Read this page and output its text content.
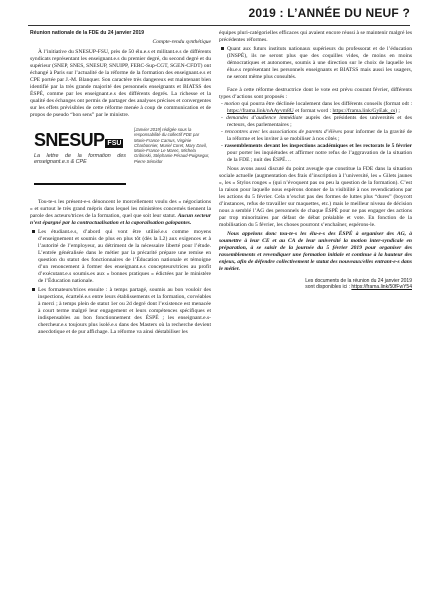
2019 : L’ANNÉE DU NEUF ?

Réunion nationale de la FDE du 24 janvier 2019

Compte-rendu synthétique

À l’initiative du SNESUP-FSU, près de 50 élu.e.s et militant.e.s de différents syndicats représentant les enseignant.e.s du premier degré, du second degré et du supérieur (SNEP, SNES, SNESUP, SNUIPP, FERC-Sup-CGT, SGEN-CFDT) ont échangé à Paris sur l’actualité de la réforme de la formation des enseignant.e.s et CPE portée par J.-M. Blanquer. Son caractère très dangereux est maintenant bien identifié par la très grande majorité des personnels enseignants et BIATSS des ÉSPÉ, comme par les enseignant.e.s des différents degrés. La richesse et la qualité des échanges ont permis de partager des analyses précises et convergentes sur les effets prévisibles de cette réforme menée à coup de communication et de propos de pseudo “bon sens” par le ministre.

SNESUP FSU
La lettre de la formation des enseignant.e.s & CPE
[Janvier 2019] rédigée sous la responsabilité du collectif FDE par Marie-France Carnus, Virginie Charbonnier, Muriel Coret, Mary Davil, Marie-France Le Marec, Michela Gribinski, Stéphanie Péraud-Puigsegur, Pierre Sémidor

Tou-te-s les présent-e-s dénoncent le morcellement voulu des « négociations » et surtout le très grand mépris dans lequel les ministères concernés tiennent la parole des acteurs/trices de la formation, quel que soit leur statut. Aucun secteur n’est épargné par la contractualisation et la caporalisation galopantes.

Les étudiant.e.s, d’abord qui vont être utilisé.e.s comme moyens d’enseignement et soumis de plus en plus tôt (dès la L2) aux exigences et à l’autorité de l’employeur, au détriment de la nécessaire liberté pour l’étude. L’entrée généralisée dans le métier par la précarité prépare une remise en question du statut des fonctionnaires de l’Éducation nationale et témoigne d’un renoncement à former des enseignant.e.s concepteurs/trices au profit d’exécutant.e.s soumis.es aux « bonnes pratiques » édictées par le ministère de l’Éducation nationale.

Les formateurs/trices ensuite : à temps partagé, soumis au bon vouloir des inspections, écartelé.e.s entre leurs établissements et la formation, corvéables à merci ; à temps plein de statut 1er ou 2d degré dont l’existence est menacée à court terme malgré leur engagement et leurs compétences spécifiques et indispensables au bon fonctionnement des ÉSPÉ ; les enseignant.e.s-chercheur.e.s toujours plus isolé.e.s dans des Masters où la recherche devient anecdotique et de pur affichage. La réforme va ainsi déstabiliser les

équipes pluri-catégorielles efficaces qui avaient encore réussi à se maintenir malgré les précédentes réformes.

Quant aux futurs instituts nationaux supérieurs du professorat et de l’éducation (INSPÉ), ils ne seront plus que des coquilles vides, de moins en moins démocratiques et autonomes, soumis à une direction sur le choix de laquelle les élu.e.s représentant les personnels enseignants et BIATSS mais aussi les usagers, ne seront même plus consultés.

Face à cette réforme destructrice dont le vote est prévu courant février, différents types d’actions sont proposés :

- motion qui pourra être déclinée localement dans les différents conseils (format odt : https://frama.link/nAAyvm8U et format word : https://frama.link/GyEak_cs) ;

- demandes d’audience immédiate auprès des présidents des universités et des recteurs, des parlementaires ;

- rencontres avec les associations de parents d’élèves pour informer de la gravité de la réforme et les inviter à se mobiliser à nos côtés ;

- rassemblements devant les inspections académiques et les rectorats le 5 février pour porter les inquiétudes et affirmer notre refus de l’aggravation de la situation de la FDE ; nuit des ÉSPÉ…

Nous avons aussi discuté du point aveugle que constitue la FDE dans la situation sociale actuelle (augmentation des frais d’inscription à l’université, les « Gilets jaunes », les « Stylos rouges » (qui n’évoquent pas ou peu la question de la formation). C’est la raison pour laquelle nous espérons donner de la visibilité à nos revendications par les actions du 5 février. Cela n’exclut pas des formes de luttes plus “dures” (boycott d’instances, refus de travailler sur maquettes, etc.) mais le meilleur niveau de décision nous a semblé l’AG des personnels de chaque ÉSPÉ pour ne pas engager des actions par trop minoritaires par défaut de débat préalable et vote. En fonction de la mobilisation du 5 février, les choses pourront s’enchaîner, espérons-le.

Nous appelons donc tou-te-s les élu-e-s des ÉSPÉ à organiser des AG, à soumettre à leur CE et au CA de leur université la motion inter-syndicale en préparation, à se saisir de la journée du 5 février 2019 pour organiser des rassemblements et revendiquer une formation initiale et continue à la hauteur des enjeux, afin de défendre collectivement le statut des nouveaux/elles entrant-e-s dans le métier.

Les documents de la réunion du 24 janvier 2019
sont disponibles ici : https://frama.link/50fFwY54
